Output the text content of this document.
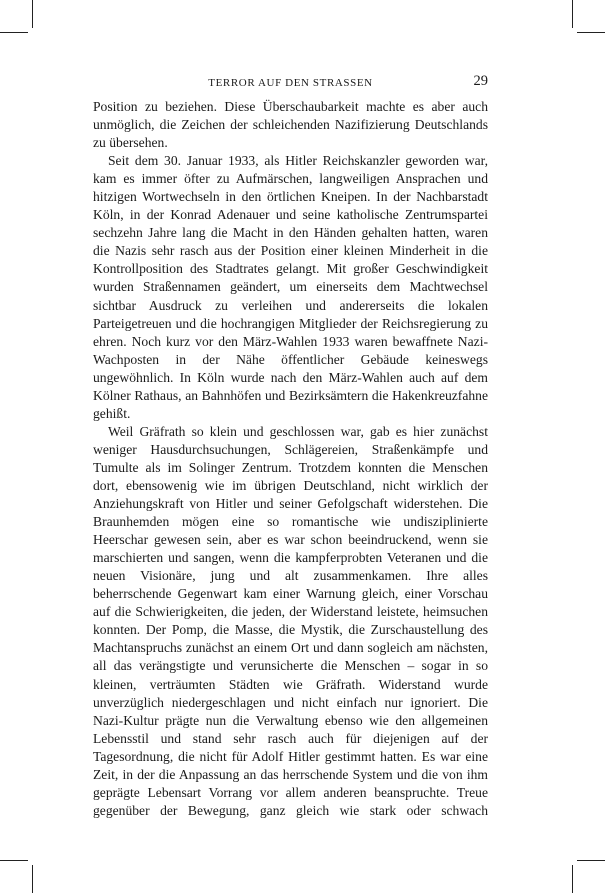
TERROR AUF DEN STRASSEN	29

Position zu beziehen. Diese Überschaubarkeit machte es aber auch unmöglich, die Zeichen der schleichenden Nazifizierung Deutschlands zu übersehen.

Seit dem 30. Januar 1933, als Hitler Reichskanzler geworden war, kam es immer öfter zu Aufmärschen, langweiligen Ansprachen und hitzigen Wortwechseln in den örtlichen Kneipen. In der Nachbarstadt Köln, in der Konrad Adenauer und seine katholische Zentrumspartei sechzehn Jahre lang die Macht in den Händen gehalten hatten, waren die Nazis sehr rasch aus der Position einer kleinen Minderheit in die Kontrollposition des Stadtrates gelangt. Mit großer Geschwindigkeit wurden Straßennamen geändert, um einerseits dem Machtwechsel sichtbar Ausdruck zu verleihen und andererseits die lokalen Parteigetreuen und die hochrangigen Mitglieder der Reichsregierung zu ehren. Noch kurz vor den März-Wahlen 1933 waren bewaffnete Nazi-Wachposten in der Nähe öffentlicher Gebäude keineswegs ungewöhnlich. In Köln wurde nach den März-Wahlen auch auf dem Kölner Rathaus, an Bahnhöfen und Bezirksämtern die Hakenkreuzfahne gehißt.

Weil Gräfrath so klein und geschlossen war, gab es hier zunächst weniger Hausdurchsuchungen, Schlägereien, Straßenkämpfe und Tumulte als im Solinger Zentrum. Trotzdem konnten die Menschen dort, ebensowenig wie im übrigen Deutschland, nicht wirklich der Anziehungskraft von Hitler und seiner Gefolgschaft widerstehen. Die Braunhemden mögen eine so romantische wie undisziplinierte Heerschar gewesen sein, aber es war schon beeindruckend, wenn sie marschierten und sangen, wenn die kampferprobten Veteranen und die neuen Visionäre, jung und alt zusammenkamen. Ihre alles beherrschende Gegenwart kam einer Warnung gleich, einer Vorschau auf die Schwierigkeiten, die jeden, der Widerstand leistete, heimsuchen konnten. Der Pomp, die Masse, die Mystik, die Zurschaustellung des Machtanspruchs zunächst an einem Ort und dann sogleich am nächsten, all das verängstigte und verunsicherte die Menschen – sogar in so kleinen, verträumten Städten wie Gräfrath. Widerstand wurde unverzüglich niedergeschlagen und nicht einfach nur ignoriert. Die Nazi-Kultur prägte nun die Verwaltung ebenso wie den allgemeinen Lebensstil und stand sehr rasch auch für diejenigen auf der Tagesordnung, die nicht für Adolf Hitler gestimmt hatten. Es war eine Zeit, in der die Anpassung an das herrschende System und die von ihm geprägte Lebensart Vorrang vor allem anderen beanspruchte. Treue gegenüber der Bewegung, ganz gleich wie stark oder schwach
